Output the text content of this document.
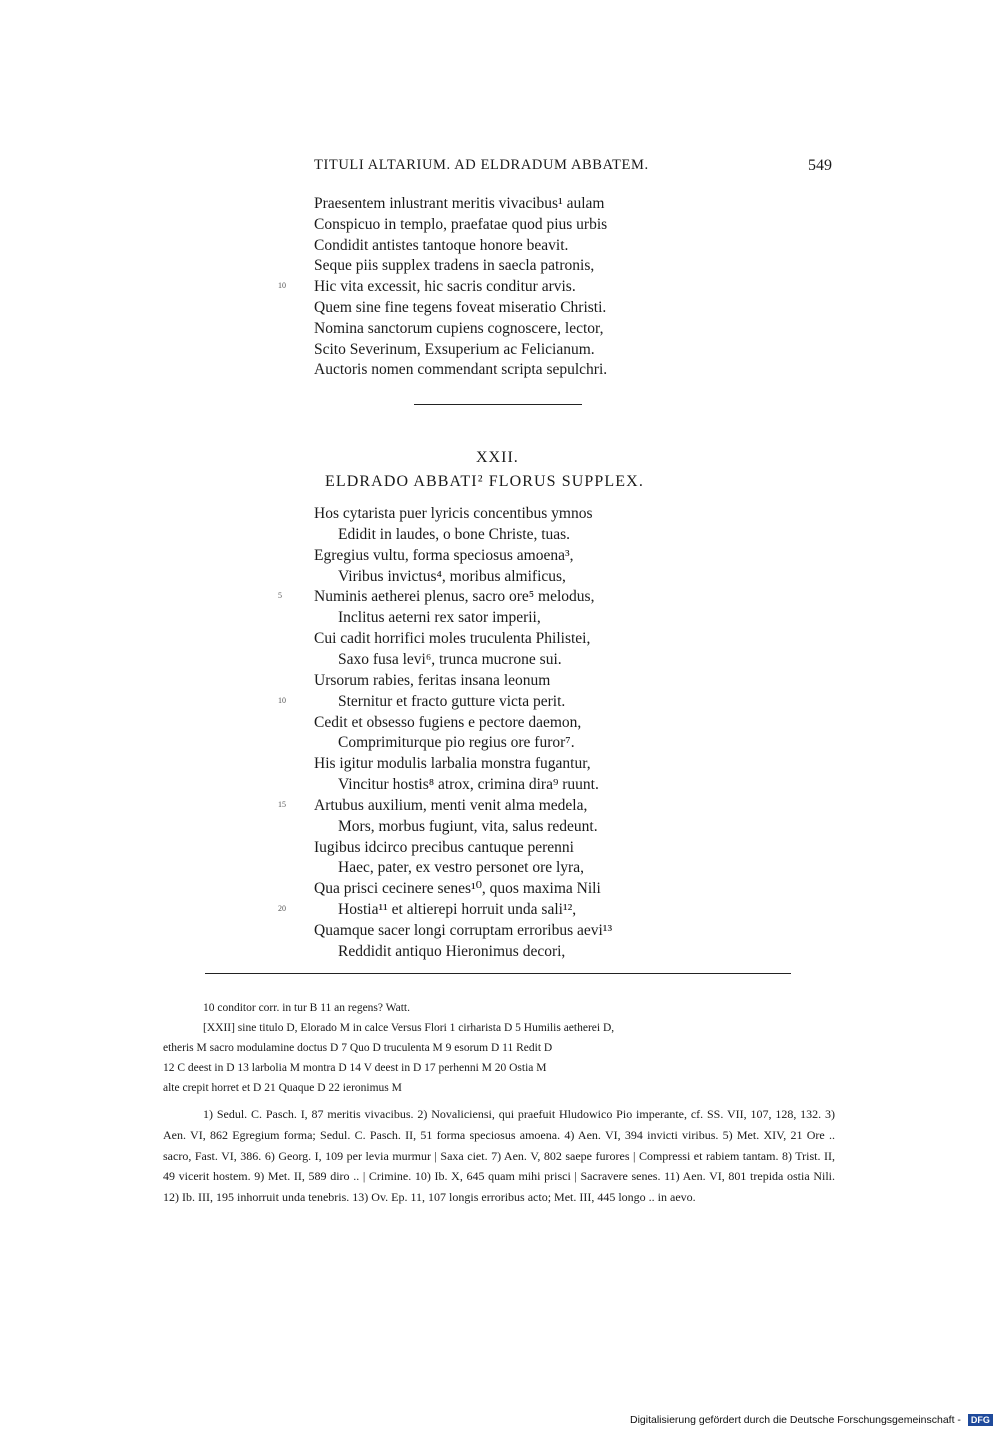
TITULI ALTARIUM. AD ELDRADUM ABBATEM.	549
Praesentem inlustrant meritis vivacibus¹ aulam
Conspicuo in templo, praefatae quod pius urbis
Condidit antistes tantoque honore beavit.
Seque piis supplex tradens in saecla patronis,
10 Hic vita excessit, hic sacris conditur arvis.
Quem sine fine tegens foveat miseratio Christi.
Nomina sanctorum cupiens cognoscere, lector,
Scito Severinum, Exsuperium ac Felicianum.
Auctoris nomen commendant scripta sepulchri.
XXII.
ELDRADO ABBATI² FLORUS SUPPLEX.
Hos cytarista puer lyricis concentibus ymnos
Edidit in laudes, o bone Christe, tuas.
Egregius vultu, forma speciosus amoena³,
Viribus invictus⁴, moribus almificus,
5 Numinis aetherei plenus, sacro ore⁵ melodus,
Inclitus aeterni rex sator imperii,
Cui cadit horrifici moles truculenta Philistei,
Saxo fusa levi⁶, trunca mucrone sui.
Ursorum rabies, feritas insana leonum
10	Sternitur et fracto gutture victa perit.
Cedit et obsesso fugiens e pectore daemon,
Comprimiturque pio regius ore furor⁷.
His igitur modulis larbalia monstra fugantur,
Vincitur hostis⁸ atrox, crimina dira⁹ ruunt.
15 Artubus auxilium, menti venit alma medela,
Mors, morbus fugiunt, vita, salus redeunt.
Iugibus idcirco precibus cantuque perenni
Haec, pater, ex vestro personet ore lyra,
Qua prisci cecinere senes¹⁰, quos maxima Nili
20	Hostia¹¹ et altierepi horruit unda sali¹²,
Quamque sacer longi corruptam erroribus aevi¹³
Reddidit antiquo Hieronimus decori,
10 conditor corr. in tur B 11 an regens? Watt.
[XXII] sine titulo D, Elorado M in calce Versus Flori 1 cirharista D 5 Humilis aetherei D,
etheris M sacro modulamine doctus D 7 Quo D truculenta M 9 esorum D 11 Redit D
12 C deest in D 13 larbolia M montra D 14 V deest in D 17 perhenni M 20 Ostia M
alte crepit horret et D 21 Quaque D 22 ieronimus M

1) Sedul. C. Pasch. I, 87 meritis vivacibus. 2) Novaliciensi, qui praefuit Hludowico Pio imperante, cf. SS. VII, 107, 128, 132. 3) Aen. VI, 862 Egregium forma; Sedul. C. Pasch. II, 51 forma speciosus amoena. 4) Aen. VI, 394 invicti viribus. 5) Met. XIV, 21 Ore .. sacro, Fast. VI, 386. 6) Georg. I, 109 per levia murmur | Saxa ciet. 7) Aen. V, 802 saepe furores | Compressi et rabiem tantam. 8) Trist. II, 49 vicerit hostem. 9) Met. II, 589 diro .. | Crimine. 10) Ib. X, 645 quam mihi prisci | Sacravere senes. 11) Aen. VI, 801 trepida ostia Nili. 12) Ib. III, 195 inhorruit unda tenebris. 13) Ov. Ep. 11, 107 longis erroribus acto; Met. III, 445 longo .. in aevo.

Digitalisierung gefördert durch die Deutsche Forschungsgemeinschaft - DFG
